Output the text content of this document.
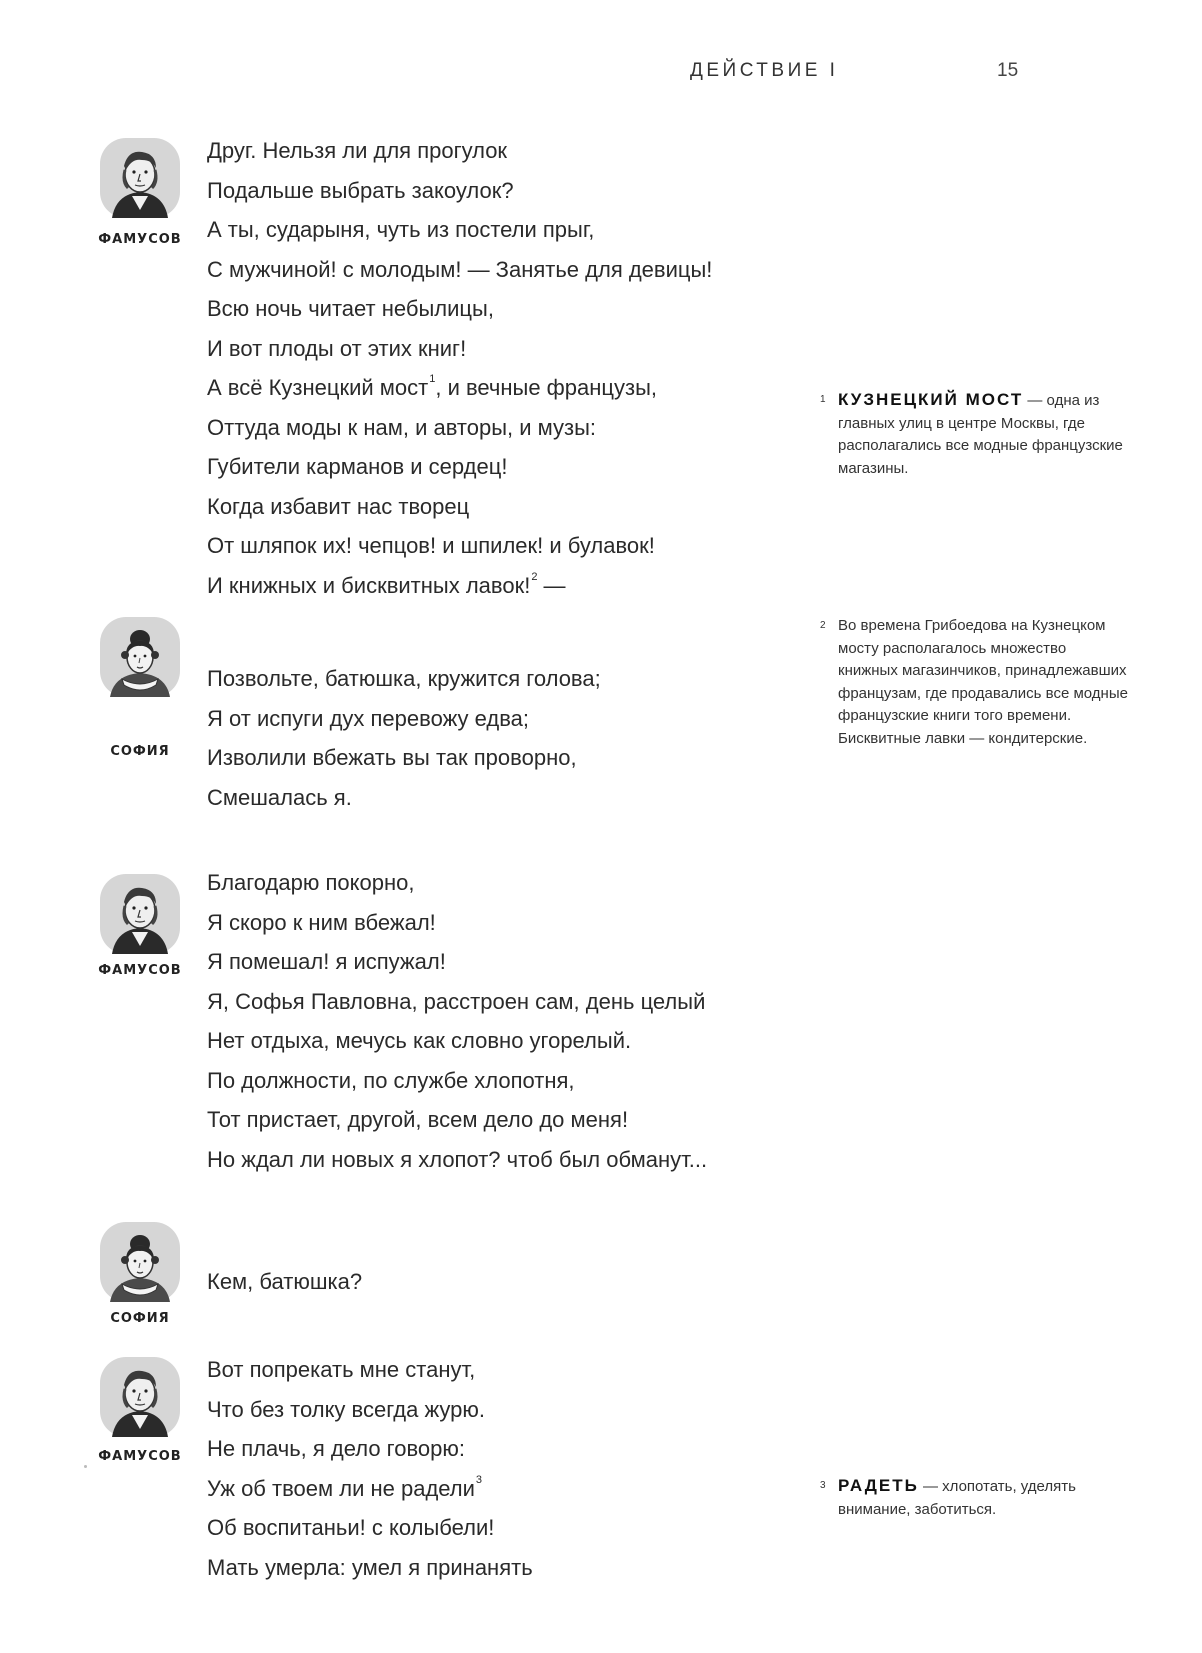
ДЕЙСТВИЕ I	15
ФАМУСОВ
Друг. Нельзя ли для прогулок
Подальше выбрать закоулок?
А ты, сударыня, чуть из постели прыг,
С мужчиной! с молодым! — Занятье для девицы!
Всю ночь читает небылицы,
И вот плоды от этих книг!
А всё Кузнецкий мост$^1$, и вечные французы,
Оттуда моды к нам, и авторы, и музы:
Губители карманов и сердец!
Когда избавит нас творец
От шляпок их! чепцов! и шпилек! и булавок!
И книжных и бисквитных лавок!$^2$ —
СОФИЯ
Позвольте, батюшка, кружится голова;
Я от испуги дух перевожу едва;
Изволили вбежать вы так проворно,
Смешалась я.
ФАМУСОВ
Благодарю покорно,
Я скоро к ним вбежал!
Я помешал! я испужал!
Я, Софья Павловна, расстроен сам, день целый
Нет отдыха, мечусь как словно угорелый.
По должности, по службе хлопотня,
Тот пристает, другой, всем дело до меня!
Но ждал ли новых я хлопот? чтоб был обманут...
СОФИЯ
Кем, батюшка?
ФАМУСОВ
Вот попрекать мне станут,
Что без толку всегда журю.
Не плачь, я дело говорю:
Уж об твоем ли не радели$^3$
Об воспитаньи! с колыбели!
Мать умерла: умел я принанять
1 КУЗНЕЦКИЙ МОСТ — одна из главных улиц в центре Москвы, где располагались все модные французские магазины.

2 Во времена Грибоедова на Кузнецком мосту располагалось множество книжных магазинчиков, принадлежавших французам, где продавались все модные французские книги того времени. Бисквитные лавки — кондитерские.

3 РАДЕТЬ — хлопотать, уделять внимание, заботиться.
